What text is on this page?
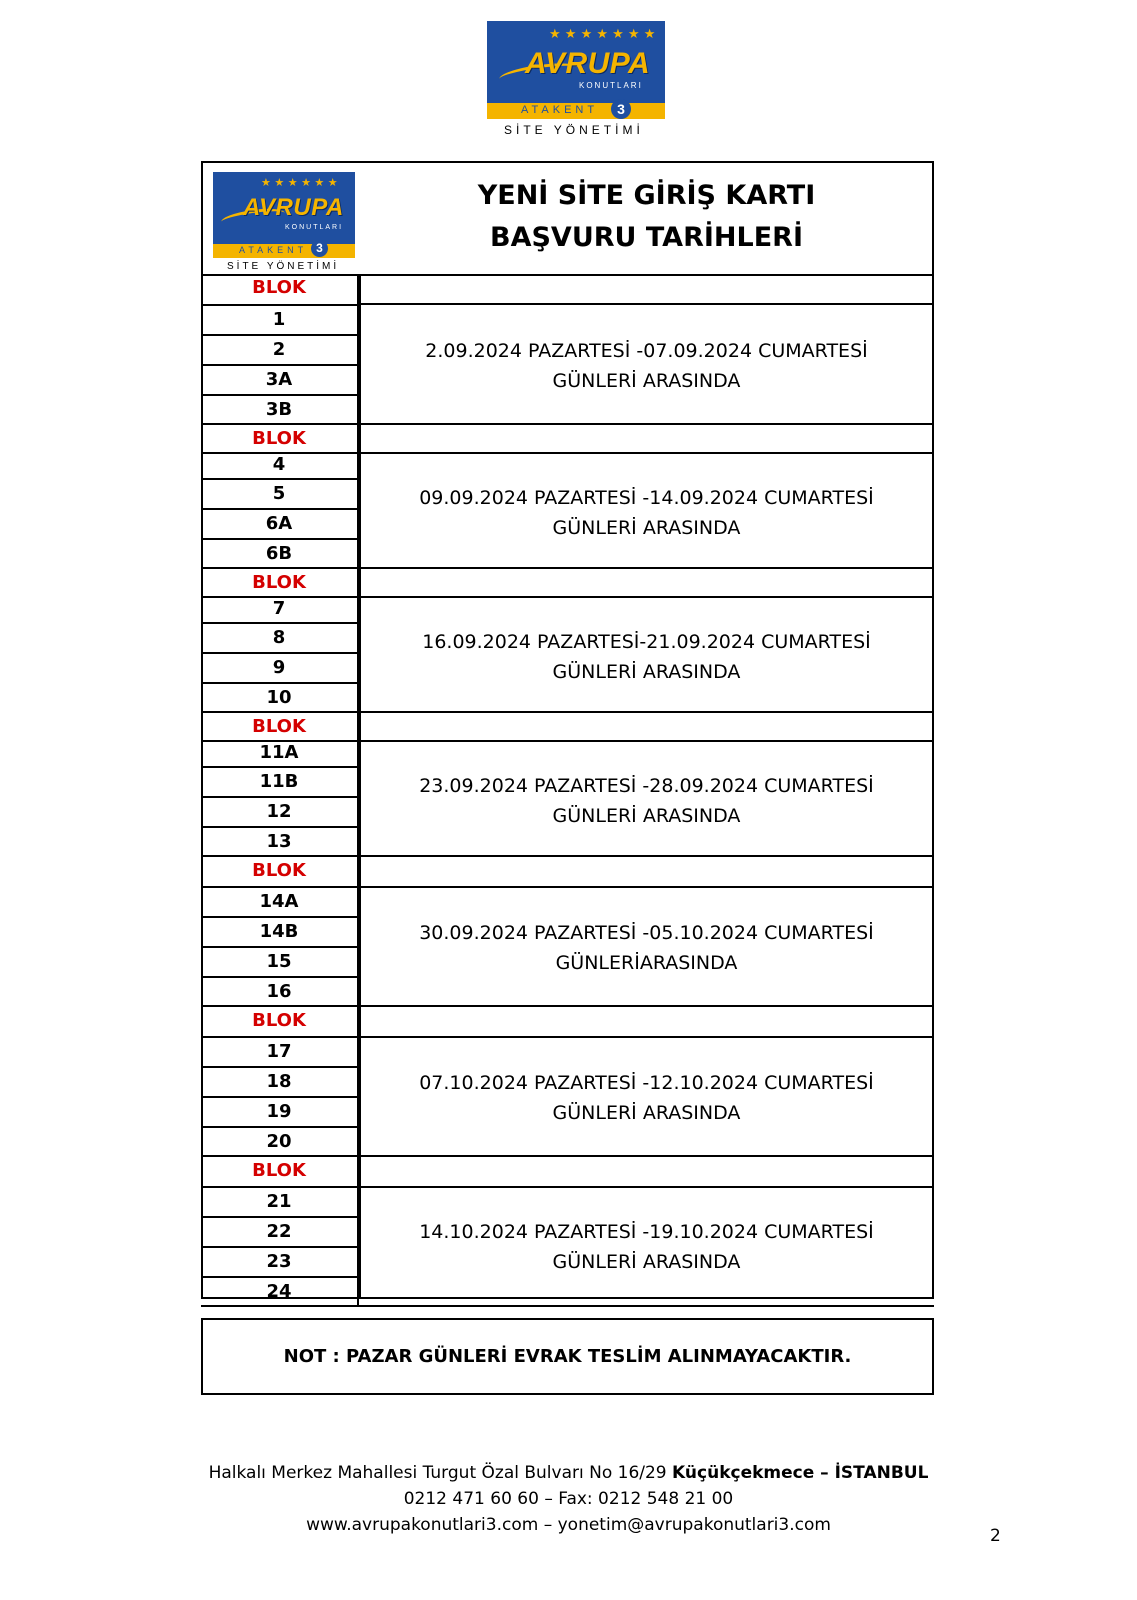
★ ★ ★ ★ ★ ★ ★
AVRUPA
KONUTLARI
ATAKENT	3
SİTE YÖNETİMİ
★ ★ ★ ★ ★ ★
AVRUPA
KONUTLARI
ATAKENT 3
SİTE YÖNETİMİ
YENİ SİTE GİRİŞ KARTI
BAŞVURU TARİHLERİ
BLOK
1
2
3A
3B
2.09.2024 PAZARTESİ -07.09.2024 CUMARTESİ
GÜNLERİ ARASINDA
BLOK
4
5
6A
6B
09.09.2024 PAZARTESİ -14.09.2024 CUMARTESİ
GÜNLERİ ARASINDA
BLOK
7
8
9
10
16.09.2024 PAZARTESİ-21.09.2024 CUMARTESİ
GÜNLERİ ARASINDA
BLOK
11A
11B
12
13
23.09.2024 PAZARTESİ -28.09.2024 CUMARTESİ
GÜNLERİ ARASINDA
BLOK
14A
14B
15
16
30.09.2024 PAZARTESİ -05.10.2024 CUMARTESİ
GÜNLERİARASINDA
BLOK
17
18
19
20
07.10.2024 PAZARTESİ -12.10.2024 CUMARTESİ
GÜNLERİ ARASINDA
BLOK
21
22
23
24
14.10.2024 PAZARTESİ -19.10.2024 CUMARTESİ
GÜNLERİ ARASINDA
NOT : PAZAR GÜNLERİ EVRAK TESLİM ALINMAYACAKTIR.
Halkalı Merkez Mahallesi Turgut Özal Bulvarı No 16/29 Küçükçekmece – İSTANBUL
0212 471 60 60 – Fax: 0212 548 21 00
www.avrupakonutlari3.com – yonetim@avrupakonutlari3.com
2
